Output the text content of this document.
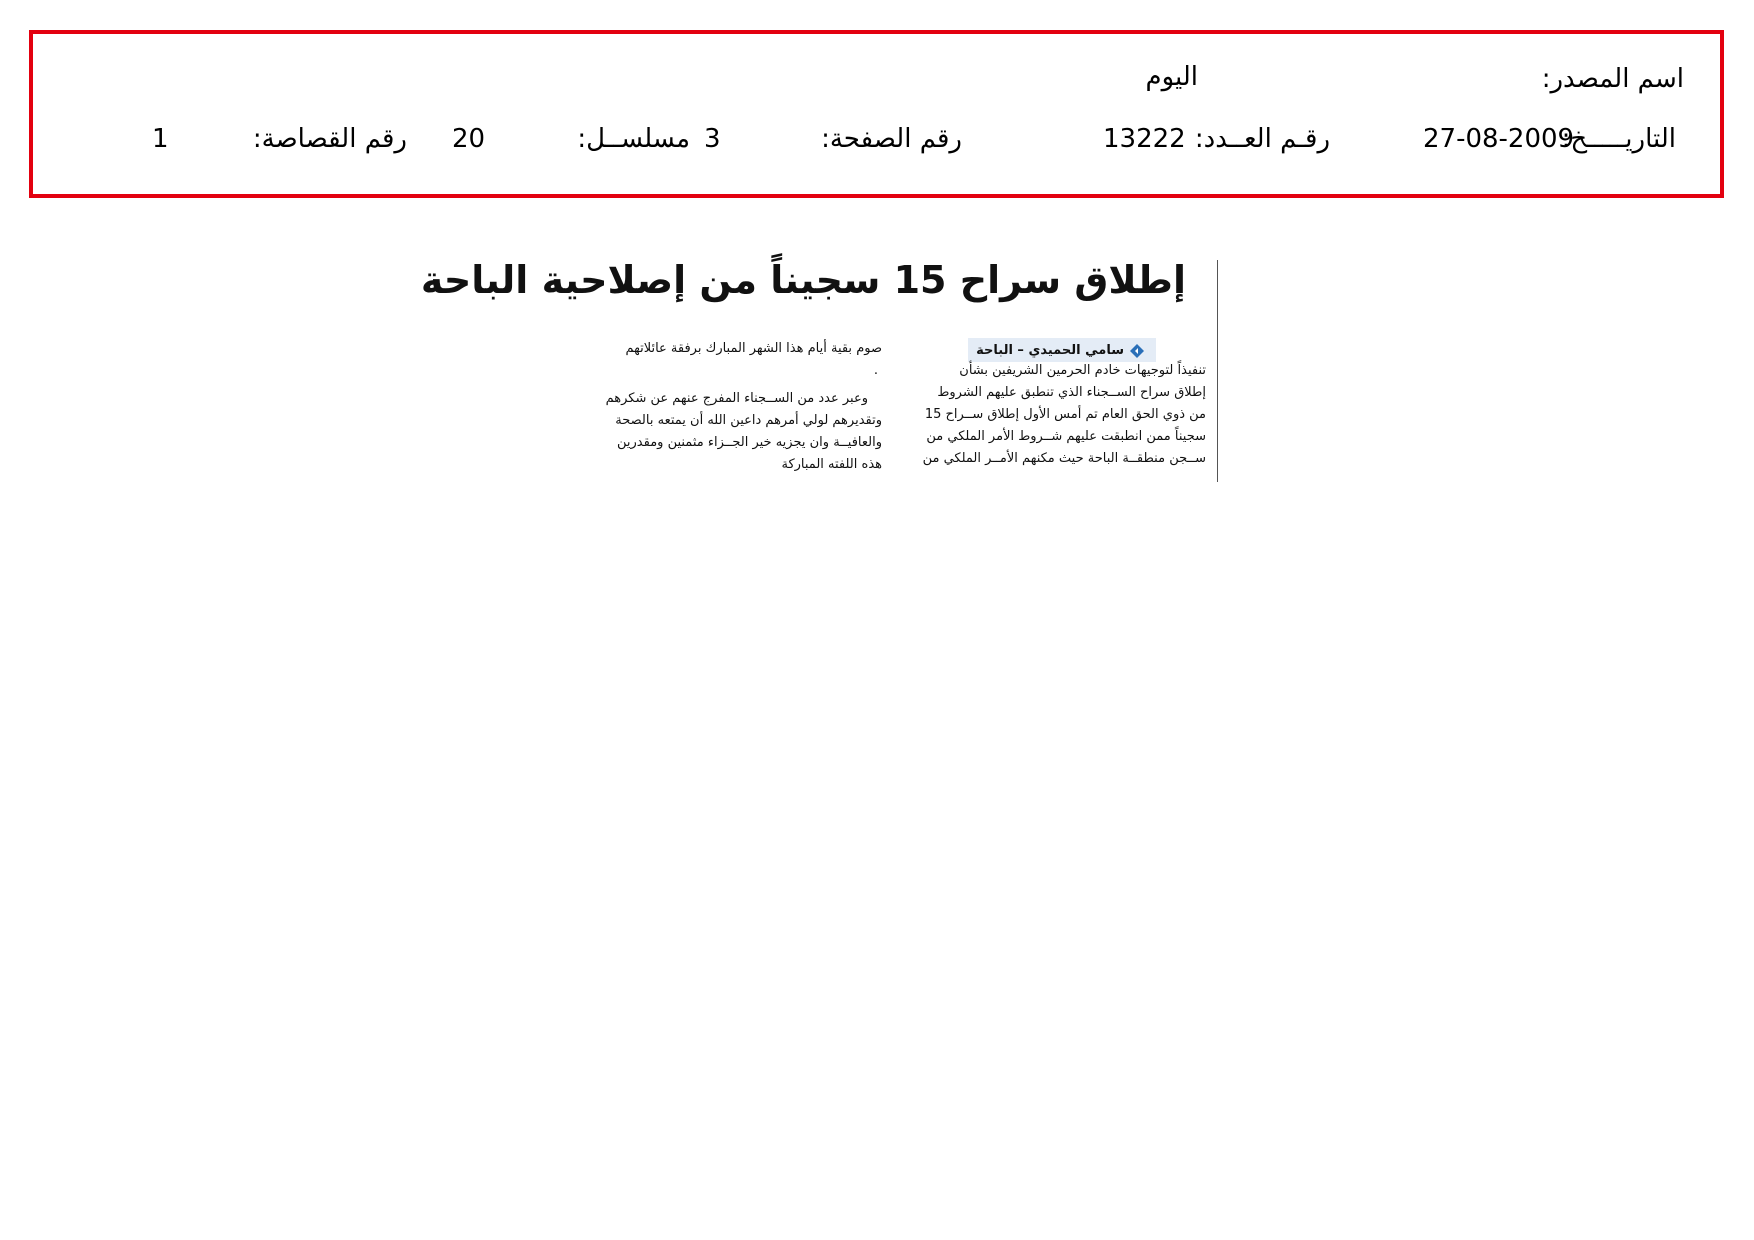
اسم المصدر:
اليوم
التاريـــــخ:
27-08-2009
رقـم العــدد:
13222
رقم الصفحة:
3
مسلســل:
20
رقم القصاصة:
1
إطلاق سراح 15 سجيناً من إصلاحية الباحة
سامي الحميدي – الباحة

تنفيذاً لتوجيهات خادم الحرمين الشريفين بشأن

إطلاق سراح الســجناء الذي تنطبق عليهم الشروط

من ذوي الحق العام تم أمس الأول إطلاق ســراح 15

سجيناً ممن انطبقت عليهم شــروط الأمر الملكي من

ســجن منطقــة الباحة حيث مكنهم الأمــر الملكي من

صوم بقية أيام هذا الشهر المبارك برفقة عائلاتهم

.

وعبر عدد من الســجناء المفرج عنهم عن شكرهم

وتقديرهم لولي أمرهم داعين الله أن يمتعه بالصحة

والعافيــة وان يجزيه خير الجــزاء مثمنين ومقدرين

هذه اللفته المباركة
